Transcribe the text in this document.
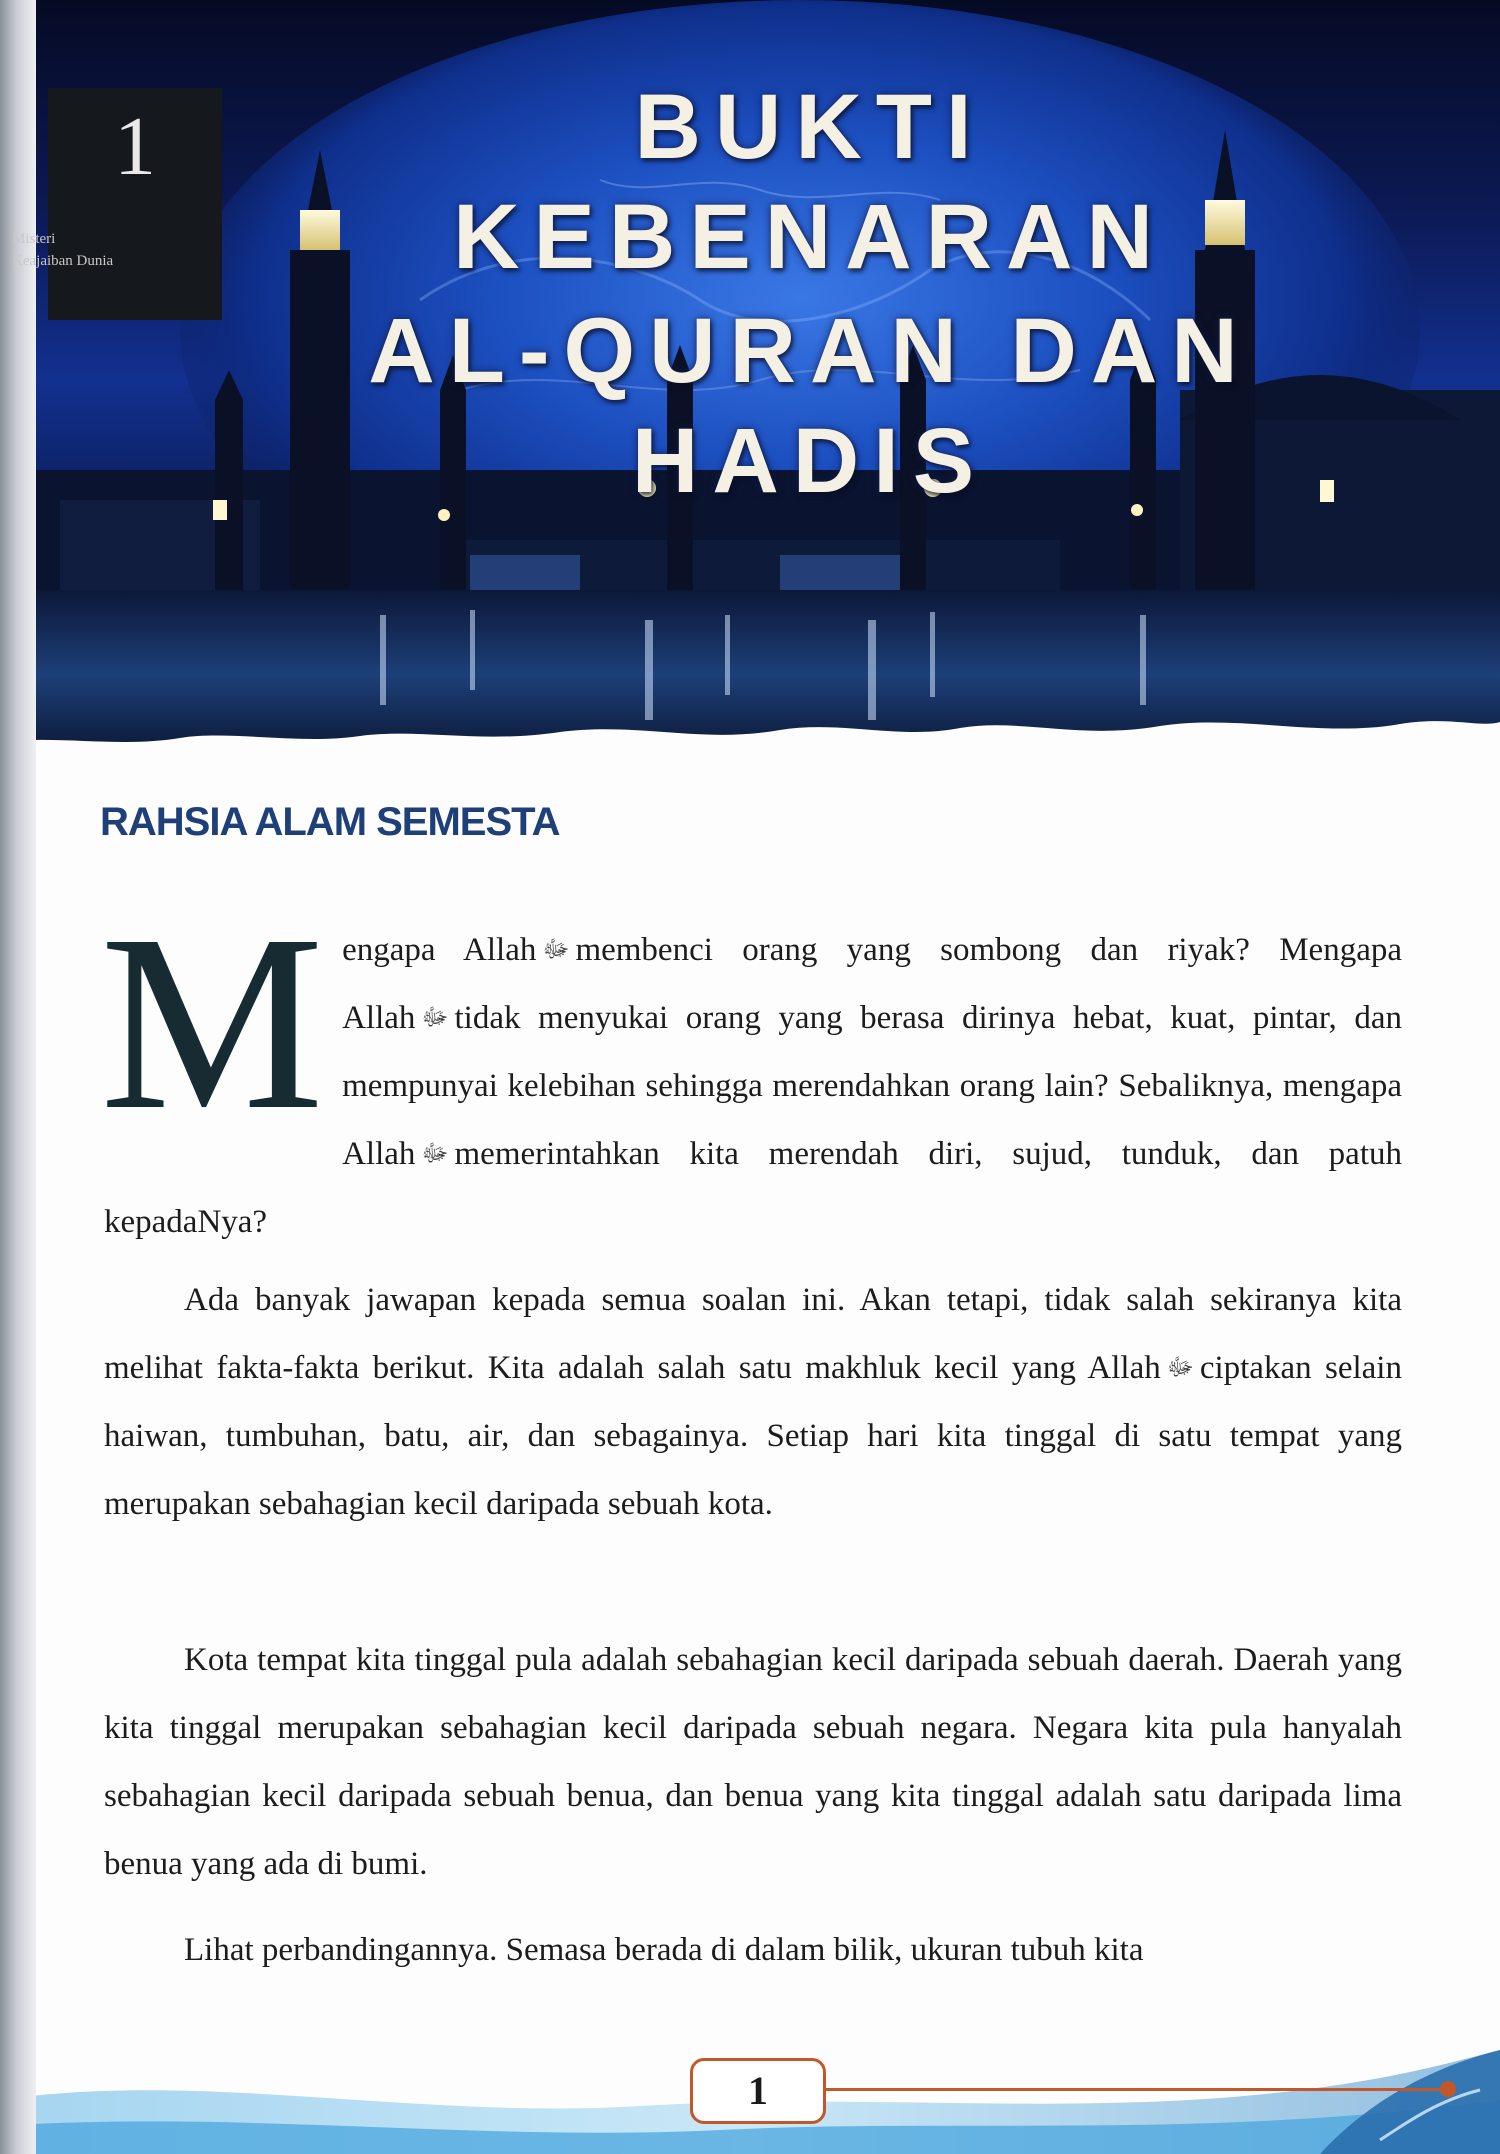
1
Misteri
Keajaiban Dunia
BUKTI KEBENARAN
AL-QURAN DAN HADIS
RAHSIA ALAM SEMESTA

Mengapa Allah ﷻ membenci orang yang sombong dan riyak? Mengapa Allah ﷻ tidak menyukai orang yang berasa dirinya hebat, kuat, pintar, dan mempunyai kelebihan sehingga merendahkan orang lain? Sebaliknya, mengapa Allah ﷻ memerintahkan kita merendah diri, sujud, tunduk, dan patuh kepadaNya?

Ada banyak jawapan kepada semua soalan ini. Akan tetapi, tidak salah sekiranya kita melihat fakta-fakta berikut. Kita adalah salah satu makhluk kecil yang Allah ﷻ ciptakan selain haiwan, tumbuhan, batu, air, dan sebagainya. Setiap hari kita tinggal di satu tempat yang merupakan sebahagian kecil daripada sebuah kota.

Kota tempat kita tinggal pula adalah sebahagian kecil daripada sebuah daerah. Daerah yang kita tinggal merupakan sebahagian kecil daripada sebuah negara. Negara kita pula hanyalah sebahagian kecil daripada sebuah benua, dan benua yang kita tinggal adalah satu daripada lima benua yang ada di bumi.

Lihat perbandingannya. Semasa berada di dalam bilik, ukuran tubuh kita

1
